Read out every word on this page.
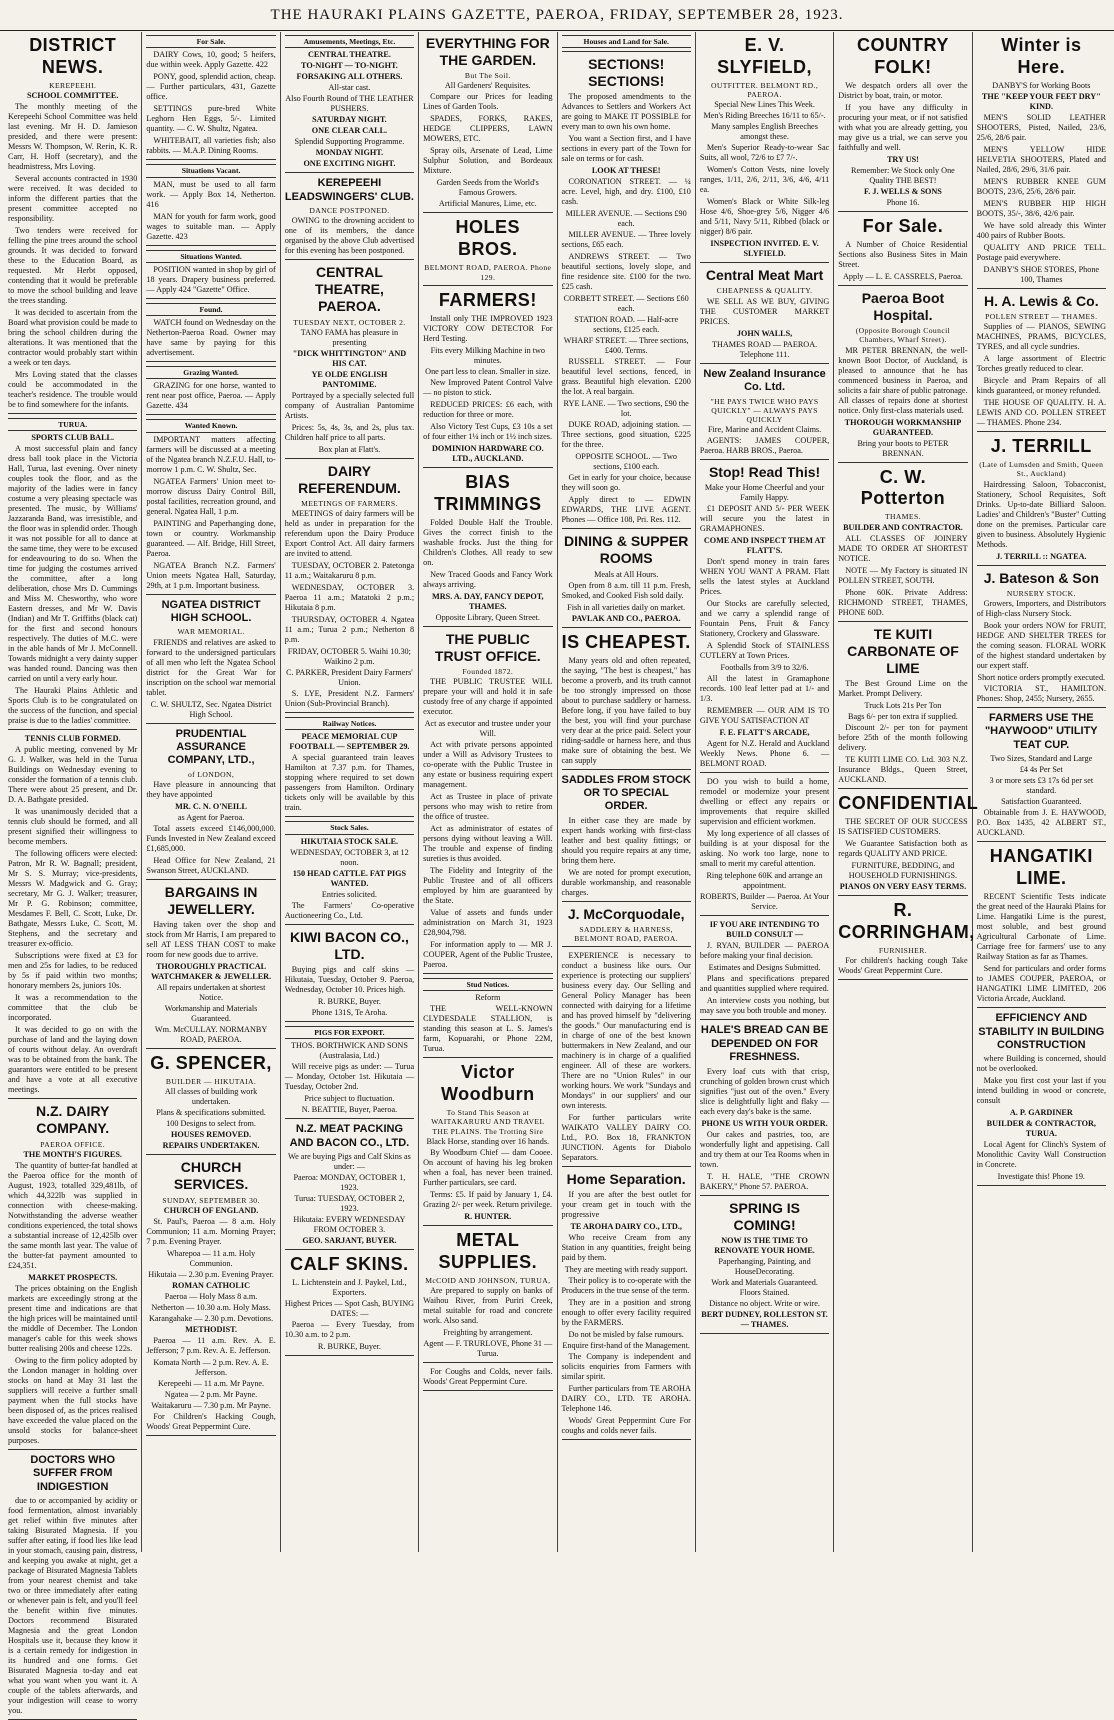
THE HAURAKI PLAINS GAZETTE, PAEROA, FRIDAY, SEPTEMBER 28, 1923.
DISTRICT NEWS.
KEREPEEHI.
SCHOOL COMMITTEE.
The monthly meeting of the Kerepeehi School Committee was held last evening. Mr H. D. Jamieson presided, and there were present: Messrs W. Thompson, W. Rerin, K. R. Carr, H. Hoff (secretary), and the headmistress, Mrs Loving.
Several accounts contracted in 1930 were received. It was decided to inform the different parties that the present committee accepted no responsibility.
Two tenders were received for felling the pine trees around the school grounds. It was decided to forward these to the Education Board, as requested. Mr Herbt opposed, contending that it would be preferable to move the school building and leave the trees standing.
It was decided to ascertain from the Board what provision could be made to bring the school children during the alterations. It was mentioned that the contractor would probably start within a week or ten days.
Mrs Loving stated that the classes could be accommodated in the teacher's residence. The trouble would be to find somewhere for the infants.
TURUA.
SPORTS CLUB BALL.
A most successful plain and fancy dress ball took place in the Victoria Hall, Turua, last evening. Over ninety couples took the floor, and as the majority of the ladies were in fancy costume a very pleasing spectacle was presented. The music, by Williams' Jazzaranda Band, was irresistible, and the floor was in splendid order. Though it was not possible for all to dance at the same time, they were to be excused for endeavouring to do so. When the time for judging the costumes arrived the committee, after a long deliberation, chose Mrs D. Cummings and Miss M. Chesworthy, who wore Eastern dresses, and Mr W. Davis (Indian) and Mr T. Griffiths (black cat) for the first and second honours respectively. The duties of M.C. were in the able hands of Mr J. McConnell. Towards midnight a very dainty supper was handed round. Dancing was then carried on until a very early hour.
The Hauraki Plains Athletic and Sports Club is to be congratulated on the success of the function, and special praise is due to the ladies' committee.
TENNIS CLUB FORMED.
A public meeting, convened by Mr G. J. Walker, was held in the Turua Buildings on Wednesday evening to consider the formation of a tennis club. There were about 25 present, and Dr. D. A. Bathgate presided.
It was unanimously decided that a tennis club should be formed, and all present signified their willingness to become members.
The following officers were elected: Patron, Mr R. W. Bagnall; president, Mr S. S. Murray; vice-presidents, Messrs W. Madgwick and G. Gray; secretary, Mr G. J. Walker; treasurer, Mr P. G. Robinson; committee, Mesdames F. Bell, C. Scott, Luke, Dr. Bathgate, Messrs Luke, C. Scott, M. Stephens, and the secretary and treasurer ex-officio.
Subscriptions were fixed at £3 for men and 25s for ladies, to be reduced by 5s if paid within two months; honorary members 2s, juniors 10s.
It was a recommendation to the committee that the club be incorporated.
It was decided to go on with the purchase of land and the laying down of courts without delay. An overdraft was to be obtained from the bank. The guarantors were entitled to be present and have a vote at all executive meetings.
N.Z. DAIRY COMPANY.
PAEROA OFFICE.
THE MONTH'S FIGURES.
The quantity of butter-fat handled at the Paeroa office for the month of August, 1923, totalled 329,481lb, of which 44,322lb was supplied in connection with cheese-making. Notwithstanding the adverse weather conditions experienced, the total shows a substantial increase of 12,425lb over the same month last year. The value of the butter-fat payment amounted to £24,351.
MARKET PROSPECTS.
The prices obtaining on the English markets are exceedingly strong at the present time and indications are that the high prices will be maintained until the middle of December. The London manager's cable for this week shows butter realising 200s and cheese 122s.
Owing to the firm policy adopted by the London manager in holding over stocks on hand at May 31 last the suppliers will receive a further small payment when the full stocks have been disposed of, as the prices realised have exceeded the value placed on the unsold stocks for balance-sheet purposes.
DOCTORS WHO SUFFER FROM INDIGESTION
due to or accompanied by acidity or food fermentation, almost invariably get relief within five minutes after taking Bisurated Magnesia. If you suffer after eating, if food lies like lead in your stomach, causing pain, distress, and keeping you awake at night, get a package of Bisurated Magnesia Tablets from your nearest chemist and take two or three immediately after eating or whenever pain is felt, and you'll feel the benefit within five minutes. Doctors recommend Bisurated Magnesia and the great London Hospitals use it, because they know it is a certain remedy for indigestion in its hundred and one forms. Get Bisurated Magnesia to-day and eat what you want when you want it. A couple of the tablets afterwards, and your indigestion will cease to worry you.
For Sale.
DAIRY Cows, 10, good; 5 heifers, due within week. Apply Gazette. 422
PONY, good, splendid action, cheap. — Further particulars, 431, Gazette office.
SETTINGS pure-bred White Leghorn Hen Eggs, 5/-. Limited quantity. — C. W. Shultz, Ngatea.
WHITEBAIT, all varieties fish; also rabbits. — M.A.P. Dining Rooms.
Situations Vacant.
MAN, must be used to all farm work. — Apply Box 14, Netherton. 416
MAN for youth for farm work, good wages to suitable man. — Apply Gazette. 423
Situations Wanted.
POSITION wanted in shop by girl of 18 years. Drapery business preferred. — Apply 424 "Gazette" Office.
Found.
WATCH found on Wednesday on the Netherton-Paeroa Road. Owner may have same by paying for this advertisement.
Grazing Wanted.
GRAZING for one horse, wanted to rent near post office, Paeroa. — Apply Gazette. 434
Wanted Known.
IMPORTANT matters affecting farmers will be discussed at a meeting of the Ngatea branch N.Z.F.U. Hall, to-morrow 1 p.m. C. W. Shultz, Sec.
NGATEA Farmers' Union meet to-morrow discuss Dairy Control Bill, postal facilities, recreation ground, and general. Ngatea Hall, 1 p.m.
PAINTING and Paperhanging done, town or country. Workmanship guaranteed. — Alf. Bridge, Hill Street, Paeroa.
NGATEA Branch N.Z. Farmers' Union meets Ngatea Hall, Saturday, 29th, at 1 p.m. Important business.
NGATEA DISTRICT HIGH SCHOOL.
WAR MEMORIAL.
FRIENDS and relatives are asked to forward to the undersigned particulars of all men who left the Ngatea School district for the Great War for inscription on the school war memorial tablet.
C. W. SHULTZ, Sec. Ngatea District High School.
PRUDENTIAL ASSURANCE COMPANY, LTD.,
of LONDON,
Have pleasure in announcing that they have appointed
MR. C. N. O'NEILL
as Agent for Paeroa.
Total assets exceed £146,000,000. Funds Invested in New Zealand exceed £1,685,000.
Head Office for New Zealand, 21 Swanson Street, AUCKLAND.
BARGAINS IN JEWELLERY.
Having taken over the shop and stock from Mr Harris, I am prepared to sell AT LESS THAN COST to make room for new goods due to arrive.
THOROUGHLY PRACTICAL WATCHMAKER & JEWELLER.
All repairs undertaken at shortest Notice.
Workmanship and Materials Guaranteed.
Wm. McCULLAY. NORMANBY ROAD, PAEROA.
G. SPENCER,
BUILDER — HIKUTAIA.
All classes of building work undertaken.
Plans & specifications submitted.
100 Designs to select from.
HOUSES REMOVED.
REPAIRS UNDERTAKEN.
CHURCH SERVICES.
SUNDAY, SEPTEMBER 30.
CHURCH OF ENGLAND.
St. Paul's, Paeroa — 8 a.m. Holy Communion; 11 a.m. Morning Prayer; 7 p.m. Evening Prayer.
Wharepoa — 11 a.m. Holy Communion.
Hikutaia — 2.30 p.m. Evening Prayer.
ROMAN CATHOLIC
Paeroa — Holy Mass 8 a.m.
Netherton — 10.30 a.m. Holy Mass.
Karangahake — 2.30 p.m. Devotions.
METHODIST.
Paeroa — 11 a.m. Rev. A. E. Jefferson; 7 p.m. Rev. A. E. Jefferson.
Komata North — 2 p.m. Rev. A. E. Jefferson.
Kerepeehi — 11 a.m. Mr Payne.
Ngatea — 2 p.m. Mr Payne.
Waitakaruru — 7.30 p.m. Mr Payne.
For Children's Hacking Cough, Woods' Great Peppermint Cure.
Amusements, Meetings, Etc.
CENTRAL THEATRE.
TO-NIGHT — TO-NIGHT.
FORSAKING ALL OTHERS.
All-star cast.
Also Fourth Round of THE LEATHER PUSHERS.
SATURDAY NIGHT.
ONE CLEAR CALL.
Splendid Supporting Programme.
MONDAY NIGHT.
ONE EXCITING NIGHT.
KEREPEEHI LEADSWINGERS' CLUB.
DANCE POSTPONED.
OWING to the drowning accident to one of its members, the dance organised by the above Club advertised for this evening has been postponed.
CENTRAL THEATRE, PAEROA.
TUESDAY NEXT, OCTOBER 2.
TANO FAMA has pleasure in presenting
"DICK WHITTINGTON" AND HIS CAT.
YE OLDE ENGLISH PANTOMIME.
Portrayed by a specially selected full company of Australian Pantomime Artists.
Prices: 5s, 4s, 3s, and 2s, plus tax. Children half price to all parts.
Box plan at Flatt's.
DAIRY REFERENDUM.
MEETINGS OF FARMERS.
MEETINGS of dairy farmers will be held as under in preparation for the referendum upon the Dairy Produce Export Control Act. All dairy farmers are invited to attend.
TUESDAY, OCTOBER 2. Patetonga 11 a.m.; Waitakaruru 8 p.m.
WEDNESDAY, OCTOBER 3. Paeroa 11 a.m.; Matatoki 2 p.m.; Hikutaia 8 p.m.
THURSDAY, OCTOBER 4. Ngatea 11 a.m.; Turua 2 p.m.; Netherton 8 p.m.
FRIDAY, OCTOBER 5. Waihi 10.30; Waikino 2 p.m.
C. PARKER, President Dairy Farmers' Union.
S. LYE, President N.Z. Farmers' Union (Sub-Provincial Branch).
Railway Notices.
PEACE MEMORIAL CUP FOOTBALL — SEPTEMBER 29.
A special guaranteed train leaves Hamilton at 7.37 p.m. for Thames, stopping where required to set down passengers from Hamilton. Ordinary tickets only will be available by this train.
Stock Sales.
HIKUTAIA STOCK SALE.
WEDNESDAY, OCTOBER 3, at 12 noon.
150 HEAD CATTLE. FAT PIGS WANTED.
Entries solicited.
The Farmers' Co-operative Auctioneering Co., Ltd.
KIWI BACON CO., LTD.
Buying pigs and calf skins — Hikutaia, Tuesday, October 9. Paeroa, Wednesday, October 10. Prices high.
R. BURKE, Buyer.
Phone 131S, Te Aroha.
PIGS FOR EXPORT.
THOS. BORTHWICK AND SONS (Australasia, Ltd.)
Will receive pigs as under: — Turua — Monday, October 1st. Hikutaia — Tuesday, October 2nd.
Price subject to fluctuation.
N. BEATTIE, Buyer, Paeroa.
N.Z. MEAT PACKING AND BACON CO., LTD.
We are buying Pigs and Calf Skins as under: —
Paeroa: MONDAY, OCTOBER 1, 1923.
Turua: TUESDAY, OCTOBER 2, 1923.
Hikutaia: EVERY WEDNESDAY FROM OCTOBER 3.
GEO. SARJANT, BUYER.
CALF SKINS.
L. Lichtenstein and J. Paykel, Ltd., Exporters.
Highest Prices — Spot Cash, BUYING DATES: —
Paeroa — Every Tuesday, from 10.30 a.m. to 2 p.m.
R. BURKE, Buyer.
EVERYTHING FOR THE GARDEN.
But The Soil.
All Gardeners' Requisites.
Compare our Prices for leading Lines of Garden Tools.
SPADES, FORKS, RAKES, HEDGE CLIPPERS, LAWN MOWERS, ETC.
Spray oils, Arsenate of Lead, Lime Sulphur Solution, and Bordeaux Mixture.
Garden Seeds from the World's Famous Growers.
Artificial Manures, Lime, etc.
HOLES BROS.
BELMONT ROAD, PAEROA. Phone 129.
FARMERS!
Install only THE IMPROVED 1923 VICTORY COW DETECTOR For Herd Testing.
Fits every Milking Machine in two minutes.
One part less to clean. Smaller in size.
New Improved Patent Control Valve — no piston to stick.
REDUCED PRICES: £6 each, with reduction for three or more.
Also Victory Test Cups, £3 10s a set of four either 1¼ inch or 1½ inch sizes.
DOMINION HARDWARE CO. LTD., AUCKLAND.
BIAS TRIMMINGS
Folded Double Half the Trouble. Gives the correct finish to the washable frocks. Just the thing for Children's Clothes. All ready to sew on.
New Traced Goods and Fancy Work always arriving.
MRS. A. DAY, FANCY DEPOT, THAMES.
Opposite Library, Queen Street.
THE PUBLIC TRUST OFFICE.
Founded 1872.
THE PUBLIC TRUSTEE WILL prepare your will and hold it in safe custody free of any charge if appointed executor.
Act as executor and trustee under your Will.
Act with private persons appointed under a Will as Advisory Trustees to co-operate with the Public Trustee in any estate or business requiring expert management.
Act as Trustee in place of private persons who may wish to retire from the office of trustee.
Act as administrator of estates of persons dying without leaving a Will. The trouble and expense of finding sureties is thus avoided.
The Fidelity and Integrity of the Public Trustee and of all officers employed by him are guaranteed by the State.
Value of assets and funds under administration on March 31, 1923 £28,904,798.
For information apply to — MR J. COUPER, Agent of the Public Trustee, Paeroa.
Stud Notices.
Reform
THE WELL-KNOWN CLYDESDALE STALLION, is standing this season at L. S. James's farm, Kopuarahi, or Phone 22M, Turua.
Victor Woodburn
To Stand This Season at WAITAKARURU AND TRAVEL THE PLAINS. The Trotting Sire
Black Horse, standing over 16 hands.
By Woodburn Chief — dam Cooee. On account of having his leg broken when a foal, has never been trained. Further particulars, see card.
Terms: £5. If paid by January 1, £4. Grazing 2/- per week. Return privilege.
R. HUNTER.
METAL SUPPLIES.
McCOID AND JOHNSON, TURUA,
Are prepared to supply on banks of Waihou River, from Puriri Creek, metal suitable for road and concrete work. Also sand.
Freighting by arrangement.
Agent — F. TRURLOVE, Phone 31 — Turua.
For Coughs and Colds, never fails. Woods' Great Peppermint Cure.
Houses and Land for Sale.
SECTIONS! SECTIONS!
The proposed amendments to the Advances to Settlers and Workers Act are going to MAKE IT POSSIBLE for every man to own his own home.
You want a Section first, and I have sections in every part of the Town for sale on terms or for cash.
LOOK AT THESE!
CORONATION STREET. — ¼ acre. Level, high, and dry. £100, £10 cash.
MILLER AVENUE. — Sections £90 each.
MILLER AVENUE. — Three lovely sections, £65 each.
ANDREWS STREET. — Two beautiful sections, lovely slope, and fine residence site. £100 for the two. £25 cash.
CORBETT STREET. — Sections £60 each.
STATION ROAD. — Half-acre sections, £125 each.
WHARF STREET. — Three sections, £400. Terms.
RUSSELL STREET. — Four beautiful level sections, fenced, in grass. Beautiful high elevation. £200 the lot. A real bargain.
RYE LANE. — Two sections, £90 the lot.
DUKE ROAD, adjoining station. — Three sections, good situation, £225 for the three.
OPPOSITE SCHOOL. — Two sections, £100 each.
Get in early for your choice, because they will soon go.
Apply direct to — EDWIN EDWARDS, THE LIVE AGENT. Phones — Office 108, Pri. Res. 112.
DINING & SUPPER ROOMS
Meals at All Hours.
Open from 8 a.m. till 11 p.m. Fresh, Smoked, and Cooked Fish sold daily.
Fish in all varieties daily on market.
PAVLAK AND CO., PAEROA.
IS CHEAPEST.
Many years old and often repeated, the saying, "The best is cheapest," has become a proverb, and its truth cannot be too strongly impressed on those about to purchase saddlery or harness. Before long, if you have failed to buy the best, you will find your purchase very dear at the price paid. Select your riding-saddle or harness here, and thus make sure of obtaining the best. We can supply
SADDLES FROM STOCK OR TO SPECIAL ORDER.
In either case they are made by expert hands working with first-class leather and best quality fittings; or should you require repairs at any time, bring them here.
We are noted for prompt execution, durable workmanship, and reasonable charges.
J. McCorquodale,
SADDLERY & HARNESS, BELMONT ROAD, PAEROA.
EXPERIENCE is necessary to conduct a business like ours. Our experience is protecting our suppliers' business every day. Our Selling and General Policy Manager has been connected with dairying for a lifetime and has proved himself by "delivering the goods." Our manufacturing end is in charge of one of the best known buttermakers in New Zealand, and our machinery is in charge of a qualified engineer. All of these are workers. There are no "Union Rules" in our working hours. We work "Sundays and Mondays" in our suppliers' and our own interests.
For further particulars write WAIKATO VALLEY DAIRY CO. Ltd., P.O. Box 18, FRANKTON JUNCTION. Agents for Diabolo Separators.
Home Separation.
If you are after the best outlet for your cream get in touch with the progressive
TE AROHA DAIRY CO., LTD.,
Who receive Cream from any Station in any quantities, freight being paid by them.
They are meeting with ready support.
Their policy is to co-operate with the Producers in the true sense of the term.
They are in a position and strong enough to offer every facility required by the FARMERS.
Do not be misled by false rumours.
Enquire first-hand of the Management.
The Company is independent and solicits enquiries from Farmers with similar spirit.
Further particulars from TE AROHA DAIRY CO., LTD. TE AROHA. Telephone 146.
Woods' Great Peppermint Cure For coughs and colds never fails.
E. V. SLYFIELD,
OUTFITTER. BELMONT RD., PAEROA.
Special New Lines This Week.
Men's Riding Breeches 16/11 to 65/-.
Many samples English Breeches amongst these.
Men's Superior Ready-to-wear Sac Suits, all wool, 72/6 to £7 7/-.
Women's Cotton Vests, nine lovely ranges, 1/11, 2/6, 2/11, 3/6, 4/6, 4/11 ea.
Women's Black or White Silk-leg Hose 4/6, Shoe-grey 5/6, Nigger 4/6 and 5/11, Navy 5/11, Ribbed (black or nigger) 8/6 pair.
INSPECTION INVITED. E. V. SLYFIELD.
Central Meat Mart
CHEAPNESS & QUALITY.
WE SELL AS WE BUY, GIVING THE CUSTOMER MARKET PRICES.
JOHN WALLS,
THAMES ROAD — PAEROA. Telephone 111.
New Zealand Insurance Co. Ltd.
"HE PAYS TWICE WHO PAYS QUICKLY" — ALWAYS PAYS QUICKLY
Fire, Marine and Accident Claims.
AGENTS: JAMES COUPER, Paeroa. HARB BROS., Paeroa.
Stop! Read This!
Make your Home Cheerful and your Family Happy.
£1 DEPOSIT AND 5/- PER WEEK will secure you the latest in GRAMAPHONES.
COME AND INSPECT THEM AT FLATT'S.
Don't spend money in train fares WHEN YOU WANT A PRAM. Flatt sells the latest styles at Auckland Prices.
Our Stocks are carefully selected, and we carry a splendid range of Fountain Pens, Fruit & Fancy Stationery, Crockery and Glassware.
A Splendid Stock of STAINLESS CUTLERY at Town Prices.
Footballs from 3/9 to 32/6.
All the latest in Gramaphone records. 100 leaf letter pad at 1/- and 1/3.
REMEMBER — OUR AIM IS TO GIVE YOU SATISFACTION AT
F. E. FLATT'S ARCADE,
Agent for N.Z. Herald and Auckland Weekly News. Phone 6. — BELMONT ROAD.
DO you wish to build a home, remodel or modernize your present dwelling or effect any repairs or improvements that require skilled supervision and efficient workmen.
My long experience of all classes of building is at your disposal for the asking. No work too large, none to small to merit my careful attention.
Ring telephone 60K and arrange an appointment.
ROBERTS, Builder — Paeroa. At Your Service.
IF YOU ARE INTENDING TO BUILD CONSULT —
J. RYAN, BUILDER — PAEROA before making your final decision.
Estimates and Designs Submitted.
Plans and specifications prepared and quantities supplied where required.
An interview costs you nothing, but may save you both trouble and money.
HALE'S BREAD CAN BE DEPENDED ON FOR FRESHNESS.
Every loaf cuts with that crisp, crunching of golden brown crust which signifies "just out of the oven." Every slice is delightfully light and flaky — each every day's bake is the same.
PHONE US WITH YOUR ORDER.
Our cakes and pastries, too, are wonderfully light and appetising. Call and try them at our Tea Rooms when in town.
T. H. HALE, "THE CROWN BAKERY," Phone 57. PAEROA.
SPRING IS COMING!
NOW IS THE TIME TO RENOVATE YOUR HOME.
Paperhanging, Painting, and HouseDecorating.
Work and Materials Guaranteed. Floors Stained.
Distance no object. Write or wire.
BERT DUDNEY, ROLLESTON ST. — THAMES.
COUNTRY FOLK!
We despatch orders all over the District by boat, train, or motor.
If you have any difficulty in procuring your meat, or if not satisfied with what you are already getting, you may give us a trial, we can serve you faithfully and well.
TRY US!
Remember: We Stock only One Quality THE BEST!
F. J. WELLS & SONS
Phone 16.
For Sale.
A Number of Choice Residential Sections also Business Sites in Main Street.
Apply — L. E. CASSRELS, Paeroa.
Paeroa Boot Hospital.
(Opposite Borough Council Chambers, Wharf Street).
MR PETER BRENNAN, the well-known Boot Doctor, of Auckland, is pleased to announce that he has commenced business in Paeroa, and solicits a fair share of public patronage. All classes of repairs done at shortest notice. Only first-class materials used.
THOROUGH WORKMANSHIP GUARANTEED.
Bring your boots to PETER BRENNAN.
C. W. Potterton
THAMES.
BUILDER AND CONTRACTOR.
ALL CLASSES OF JOINERY MADE TO ORDER AT SHORTEST NOTICE.
NOTE — My Factory is situated IN POLLEN STREET, SOUTH.
Phone 60K. Private Address: RICHMOND STREET, THAMES, PHONE 60D.
TE KUITI CARBONATE OF LIME
The Best Ground Lime on the Market. Prompt Delivery.
Truck Lots 21s Per Ton
Bags 6/- per ton extra if supplied.
Discount 2/- per ton for payment before 25th of the month following delivery.
TE KUITI LIME CO. Ltd. 303 N.Z. Insurance Bldgs., Queen Street, AUCKLAND.
CONFIDENTIAL
THE SECRET OF OUR SUCCESS IS SATISFIED CUSTOMERS.
We Guarantee Satisfaction both as regards QUALITY AND PRICE.
FURNITURE, BEDDING, and HOUSEHOLD FURNISHINGS.
PIANOS ON VERY EASY TERMS.
R. CORRINGHAM,
FURNISHER.
For children's hacking cough Take Woods' Great Peppermint Cure.
Winter is Here.
DANBY'S for Working Boots
THE "KEEP YOUR FEET DRY" KIND.
MEN'S SOLID LEATHER SHOOTERS, Pisted, Nailed, 23/6, 25/6, 28/6 pair.
MEN'S YELLOW HIDE HELVETIA SHOOTERS, Plated and Nailed, 28/6, 29/6, 31/6 pair.
MEN'S RUBBER KNEE GUM BOOTS, 23/6, 25/6, 28/6 pair.
MEN'S RUBBER HIP HIGH BOOTS, 35/-, 38/6, 42/6 pair.
We have sold already this Winter 400 pairs of Rubber Boots.
QUALITY AND PRICE TELL. Postage paid everywhere.
DANBY'S SHOE STORES, Phone 100, Thames
H. A. Lewis & Co.
POLLEN STREET — THAMES.
Supplies of — PIANOS, SEWING MACHINES, PRAMS, BICYCLES, TYRES, and all cycle sundries.
A large assortment of Electric Torches greatly reduced to clear.
Bicycle and Pram Repairs of all kinds guaranteed, or money refunded.
THE HOUSE OF QUALITY. H. A. LEWIS AND CO. POLLEN STREET — THAMES. Phone 234.
J. TERRILL
(Late of Lumsden and Smith, Queen St., Auckland)
Hairdressing Saloon, Tobacconist, Stationery, School Requisites, Soft Drinks. Up-to-date Billiard Saloon. Ladies' and Children's "Buster" Cutting done on the premises. Particular care given to business. Absolutely Hygienic Methods.
J. TERRILL :: NGATEA.
J. Bateson & Son
NURSERY STOCK.
Growers, Importers, and Distributors of High-class Nursery Stock.
Book your orders NOW for FRUIT, HEDGE AND SHELTER TREES for the coming season. FLORAL WORK of the highest standard undertaken by our expert staff.
Short notice orders promptly executed.
VICTORIA ST., HAMILTON. Phones: Shop, 2455; Nursery, 2655.
FARMERS USE THE "HAYWOOD" UTILITY TEAT CUP.
Two Sizes, Standard and Large
£4 4s Per Set
3 or more sets £3 17s 6d per set standard.
Satisfaction Guaranteed.
Obtainable from J. E. HAYWOOD, P.O. Box 1435, 42 ALBERT ST., AUCKLAND.
HANGATIKI LIME.
RECENT Scientific Tests indicate the great need of the Hauraki Plains for Lime. Hangatiki Lime is the purest, most soluble, and best ground Agricultural Carbonate of Lime. Carriage free for farmers' use to any Railway Station as far as Thames.
Send for particulars and order forms to JAMES COUPER, PAEROA, or HANGATIKI LIME LIMITED, 206 Victoria Arcade, Auckland.
EFFICIENCY AND STABILITY IN BUILDING CONSTRUCTION
where Building is concerned, should not be overlooked.
Make you first cost your last if you intend building in wood or concrete, consult
A. P. GARDINER
BUILDER & CONTRACTOR, TURUA.
Local Agent for Clinch's System of Monolithic Cavity Wall Construction in Concrete.
Investigate this! Phone 19.
